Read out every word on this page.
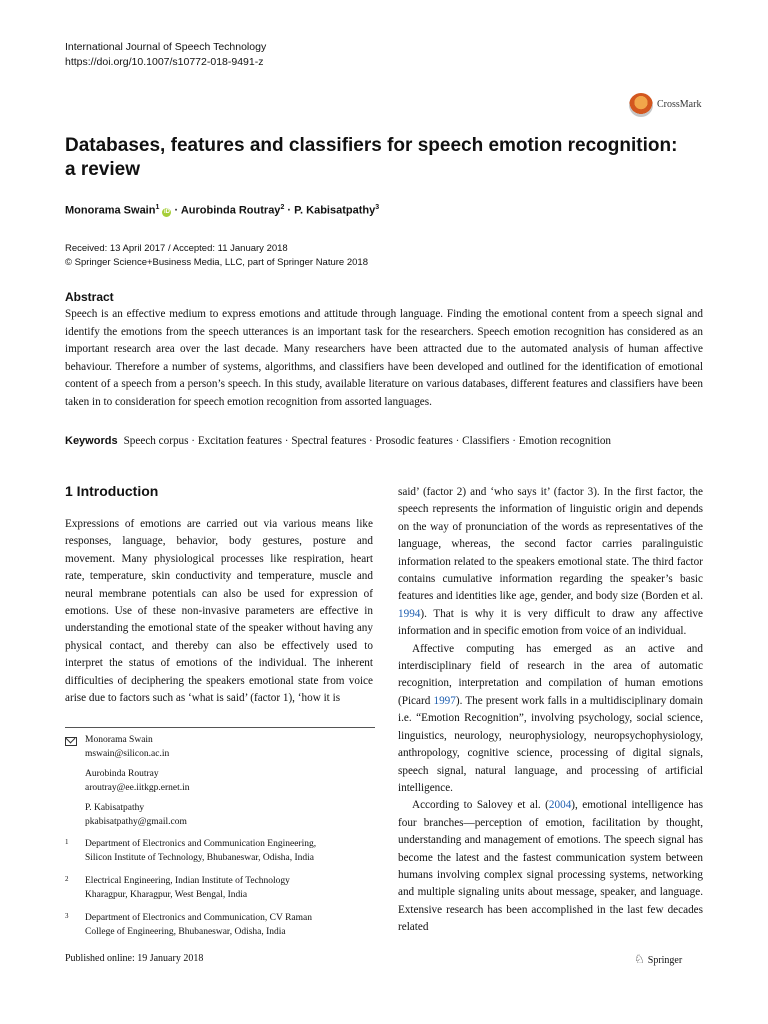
International Journal of Speech Technology
https://doi.org/10.1007/s10772-018-9491-z
CrossMark
Databases, features and classifiers for speech emotion recognition: a review
Monorama Swain$^1$ iD · Aurobinda Routray$^2$ · P. Kabisatpathy$^3$
Received: 13 April 2017 / Accepted: 11 January 2018
© Springer Science+Business Media, LLC, part of Springer Nature 2018
Abstract
Speech is an effective medium to express emotions and attitude through language. Finding the emotional content from a speech signal and identify the emotions from the speech utterances is an important task for the researchers. Speech emotion recognition has considered as an important research area over the last decade. Many researchers have been attracted due to the automated analysis of human affective behaviour. Therefore a number of systems, algorithms, and classifiers have been developed and outlined for the identification of emotional content of a speech from a person’s speech. In this study, available literature on various databases, different features and classifiers have been taken in to consideration for speech emotion recognition from assorted languages.
Keywords Speech corpus · Excitation features · Spectral features · Prosodic features · Classifiers · Emotion recognition
1 Introduction

Expressions of emotions are carried out via various means like responses, language, behavior, body gestures, posture and movement. Many physiological processes like respiration, heart rate, temperature, skin conductivity and temperature, muscle and neural membrane potentials can also be used for expression of emotions. Use of these non-invasive parameters are effective in understanding the emotional state of the speaker without having any physical contact, and thereby can also be effectively used to interpret the status of emotions of the individual. The inherent difficulties of deciphering the speakers emotional state from voice arise due to factors such as ‘what is said’ (factor 1), ‘how it is

said’ (factor 2) and ‘who says it’ (factor 3). In the first factor, the speech represents the information of linguistic origin and depends on the way of pronunciation of the words as representatives of the language, whereas, the second factor carries paralinguistic information related to the speakers emotional state. The third factor contains cumulative information regarding the speaker’s basic features and identities like age, gender, and body size (Borden et al. 1994). That is why it is very difficult to draw any affective information and in specific emotion from voice of an individual.

Affective computing has emerged as an active and interdisciplinary field of research in the area of automatic recognition, interpretation and compilation of human emotions (Picard 1997). The present work falls in a multidisciplinary domain i.e. “Emotion Recognition”, involving psychology, social science, linguistics, neurology, neurophysiology, neuropsychophysiology, anthropology, cognitive science, processing of digital signals, speech signal, natural language, and processing of artificial intelligence.

According to Salovey et al. (2004), emotional intelligence has four branches—perception of emotion, facilitation by thought, understanding and management of emotions. The speech signal has become the latest and the fastest communication system between humans involving complex signal processing systems, networking and multiple signaling units about message, speaker, and language. Extensive research has been accomplished in the last few decades related

Monorama Swain
mswain@silicon.ac.in
Aurobinda Routray
aroutray@ee.iitkgp.ernet.in
P. Kabisatpathy
pkabisatpathy@gmail.com
1 Department of Electronics and Communication Engineering,
Silicon Institute of Technology, Bhubaneswar, Odisha, India
2 Electrical Engineering, Indian Institute of Technology
Kharagpur, Kharagpur, West Bengal, India
3 Department of Electronics and Communication, CV Raman
College of Engineering, Bhubaneswar, Odisha, India
Published online: 19 January 2018	♘ Springer
